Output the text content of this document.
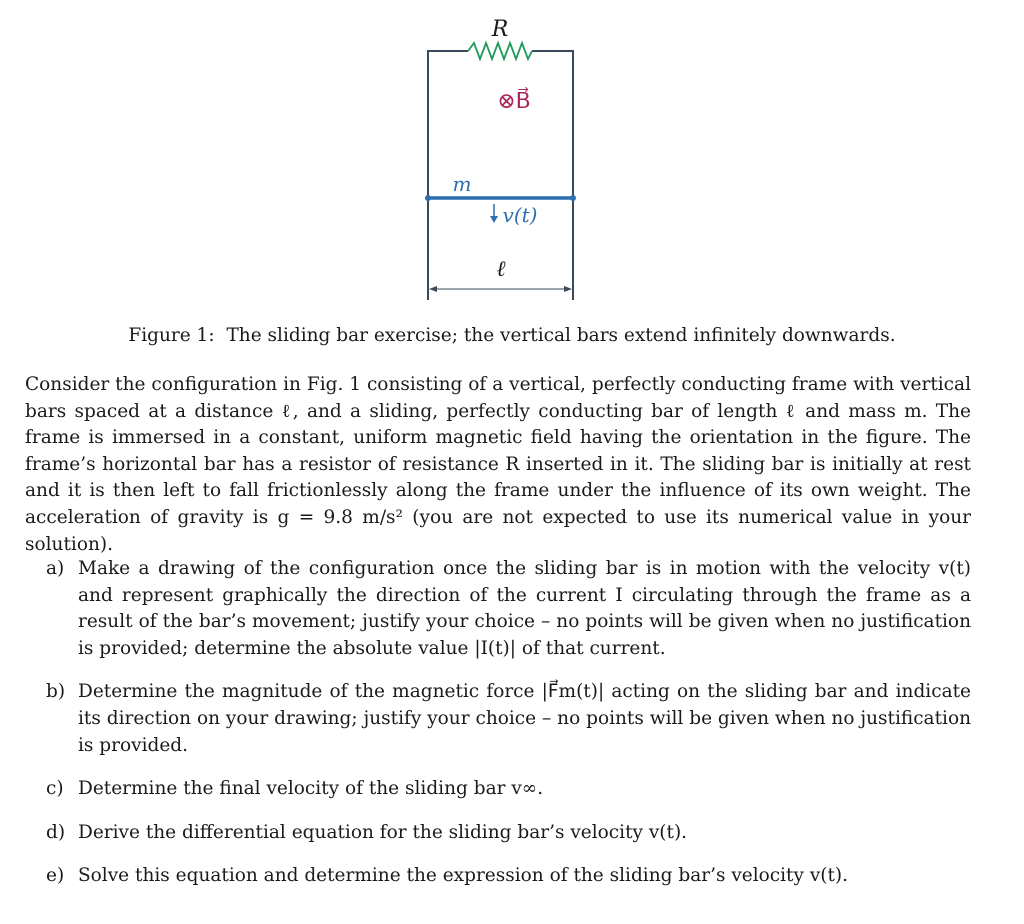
R
⊗B⃗
m
v(t)
ℓ
Figure 1: The sliding bar exercise; the vertical bars extend infinitely downwards.
Consider the configuration in Fig. 1 consisting of a vertical, perfectly conducting frame with vertical bars spaced at a distance ℓ, and a sliding, perfectly conducting bar of length ℓ and mass m. The frame is immersed in a constant, uniform magnetic field having the orientation in the figure. The frame’s horizontal bar has a resistor of resistance R inserted in it. The sliding bar is initially at rest and it is then left to fall frictionlessly along the frame under the influence of its own weight. The acceleration of gravity is g = 9.8 m/s² (you are not expected to use its numerical value in your solution).
a) Make a drawing of the configuration once the sliding bar is in motion with the velocity v(t) and represent graphically the direction of the current I circulating through the frame as a result of the bar’s movement; justify your choice – no points will be given when no justification is provided; determine the absolute value |I(t)| of that current.
b) Determine the magnitude of the magnetic force |F⃗m(t)| acting on the sliding bar and indicate its direction on your drawing; justify your choice – no points will be given when no justification is provided.
c) Determine the final velocity of the sliding bar v∞.
d) Derive the differential equation for the sliding bar’s velocity v(t).
e) Solve this equation and determine the expression of the sliding bar’s velocity v(t).
